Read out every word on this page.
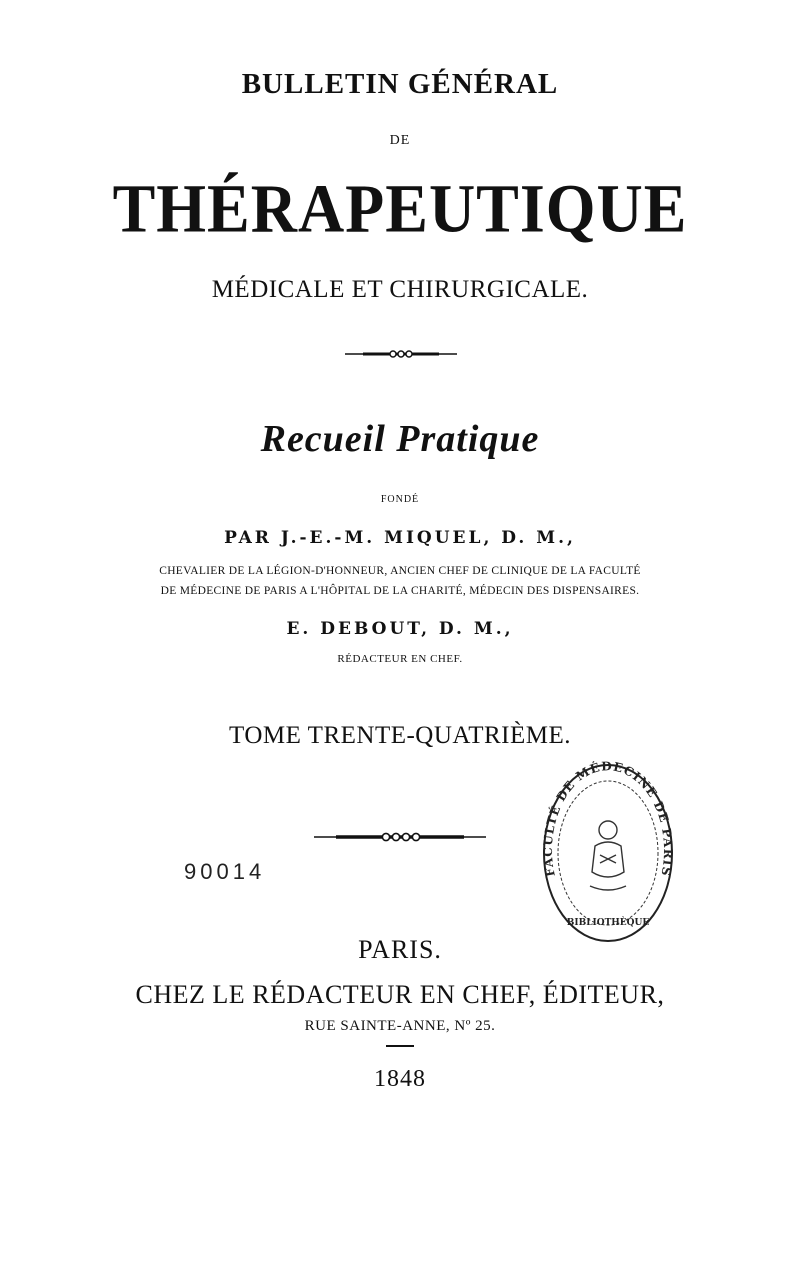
BULLETIN GÉNÉRAL
DE
THÉRAPEUTIQUE
MÉDICALE ET CHIRURGICALE.
Recueil Pratique
FONDÉ
PAR J.-E.-M. MIQUEL, D. M.,
CHEVALIER DE LA LÉGION-D'HONNEUR, ANCIEN CHEF DE CLINIQUE DE LA FACULTÉ
DE MÉDECINE DE PARIS A L'HÔPITAL DE LA CHARITÉ, MÉDECIN DES DISPENSAIRES.
E. DEBOUT, D. M.,
RÉDACTEUR EN CHEF.
TOME TRENTE-QUATRIÈME.
90014
BIBLIOTHÈQUE
FACULTÉ DE MÉDECINE DE PARIS
PARIS.
CHEZ LE RÉDACTEUR EN CHEF, ÉDITEUR,
RUE SAINTE-ANNE, Nº 25.
1848
